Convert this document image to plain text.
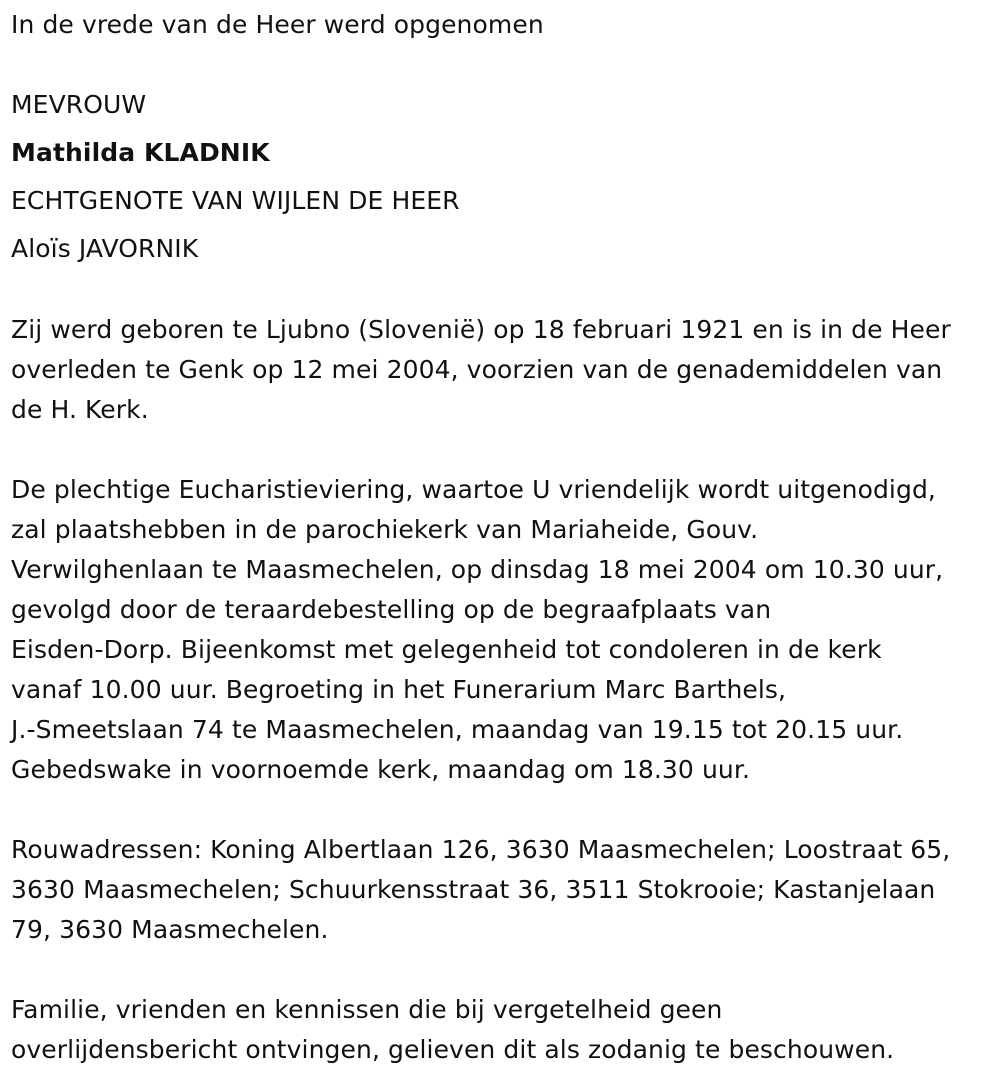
In de vrede van de Heer werd opgenomen
MEVROUW
Mathilda KLADNIK
ECHTGENOTE VAN WIJLEN DE HEER
Aloïs JAVORNIK
Zij werd geboren te Ljubno (Slovenië) op 18 februari 1921 en is in de Heer
overleden te Genk op 12 mei 2004, voorzien van de genademiddelen van
de H. Kerk.
De plechtige Eucharistieviering, waartoe U vriendelijk wordt uitgenodigd,
zal plaatshebben in de parochiekerk van Mariaheide, Gouv.
Verwilghenlaan te Maasmechelen, op dinsdag 18 mei 2004 om 10.30 uur,
gevolgd door de teraardebestelling op de begraafplaats van
Eisden-Dorp. Bijeenkomst met gelegenheid tot condoleren in de kerk
vanaf 10.00 uur. Begroeting in het Funerarium Marc Barthels,
J.-Smeetslaan 74 te Maasmechelen, maandag van 19.15 tot 20.15 uur.
Gebedswake in voornoemde kerk, maandag om 18.30 uur.
Rouwadressen: Koning Albertlaan 126, 3630 Maasmechelen; Loostraat 65,
3630 Maasmechelen; Schuurkensstraat 36, 3511 Stokrooie; Kastanjelaan
79, 3630 Maasmechelen.
Familie, vrienden en kennissen die bij vergetelheid geen
overlijdensbericht ontvingen, gelieven dit als zodanig te beschouwen.
